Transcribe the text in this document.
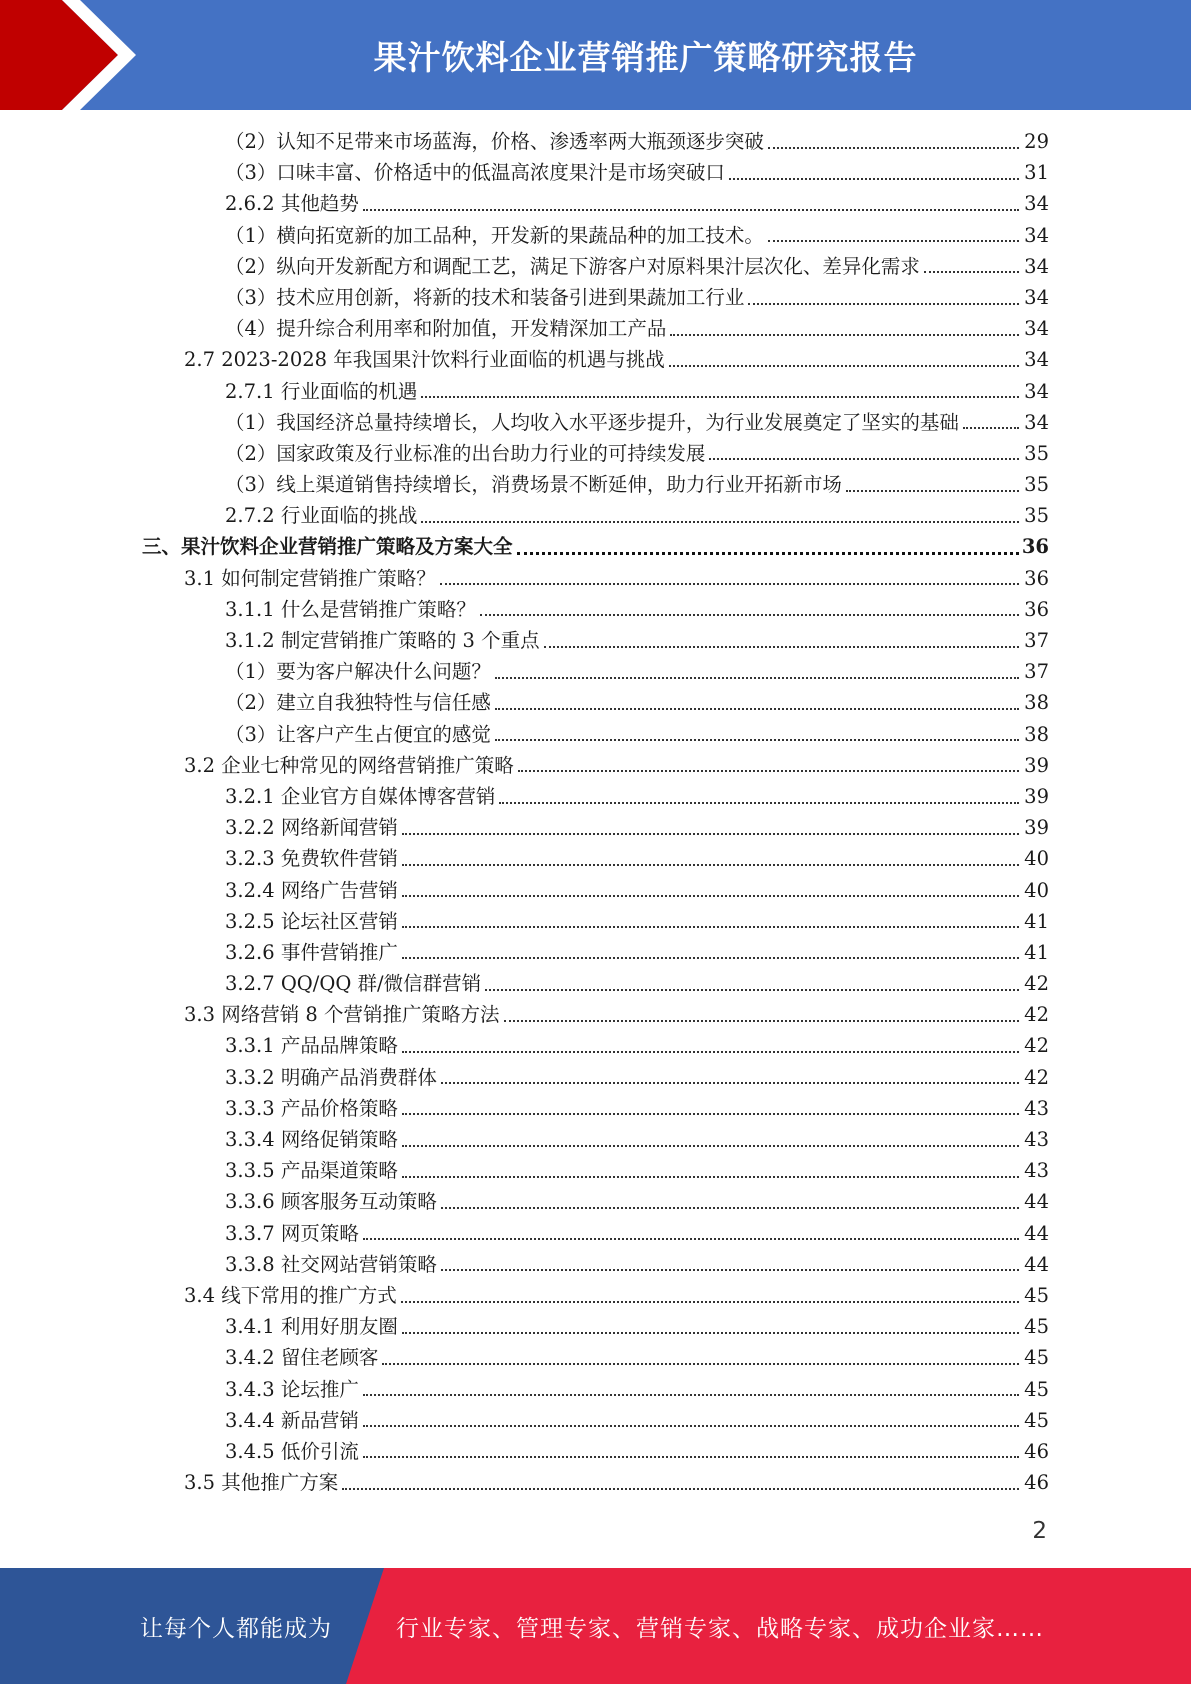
果汁饮料企业营销推广策略研究报告
（2）认知不足带来市场蓝海，价格、渗透率两大瓶颈逐步突破	29
（3）口味丰富、价格适中的低温高浓度果汁是市场突破口	31
2.6.2 其他趋势	34
（1）横向拓宽新的加工品种，开发新的果蔬品种的加工技术。	34
（2）纵向开发新配方和调配工艺，满足下游客户对原料果汁层次化、差异化需求	34
（3）技术应用创新，将新的技术和装备引进到果蔬加工行业	34
（4）提升综合利用率和附加值，开发精深加工产品	34
2.7 2023-2028 年我国果汁饮料行业面临的机遇与挑战	34
2.7.1 行业面临的机遇	34
（1）我国经济总量持续增长，人均收入水平逐步提升，为行业发展奠定了坚实的基础	34
（2）国家政策及行业标准的出台助力行业的可持续发展	35
（3）线上渠道销售持续增长，消费场景不断延伸，助力行业开拓新市场	35
2.7.2 行业面临的挑战	35
三、果汁饮料企业营销推广策略及方案大全	36
3.1 如何制定营销推广策略？	36
3.1.1 什么是营销推广策略？	36
3.1.2 制定营销推广策略的 3 个重点	37
（1）要为客户解决什么问题？	37
（2）建立自我独特性与信任感	38
（3）让客户产生占便宜的感觉	38
3.2 企业七种常见的网络营销推广策略	39
3.2.1 企业官方自媒体博客营销	39
3.2.2 网络新闻营销	39
3.2.3 免费软件营销	40
3.2.4 网络广告营销	40
3.2.5 论坛社区营销	41
3.2.6 事件营销推广	41
3.2.7 QQ/QQ 群/微信群营销	42
3.3 网络营销 8 个营销推广策略方法	42
3.3.1 产品品牌策略	42
3.3.2 明确产品消费群体	42
3.3.3 产品价格策略	43
3.3.4 网络促销策略	43
3.3.5 产品渠道策略	43
3.3.6 顾客服务互动策略	44
3.3.7 网页策略	44
3.3.8 社交网站营销策略	44
3.4 线下常用的推广方式	45
3.4.1 利用好朋友圈	45
3.4.2 留住老顾客	45
3.4.3 论坛推广	45
3.4.4 新品营销	45
3.4.5 低价引流	46
3.5 其他推广方案	46
2
让每个人都能成为	行业专家、管理专家、营销专家、战略专家、成功企业家……
